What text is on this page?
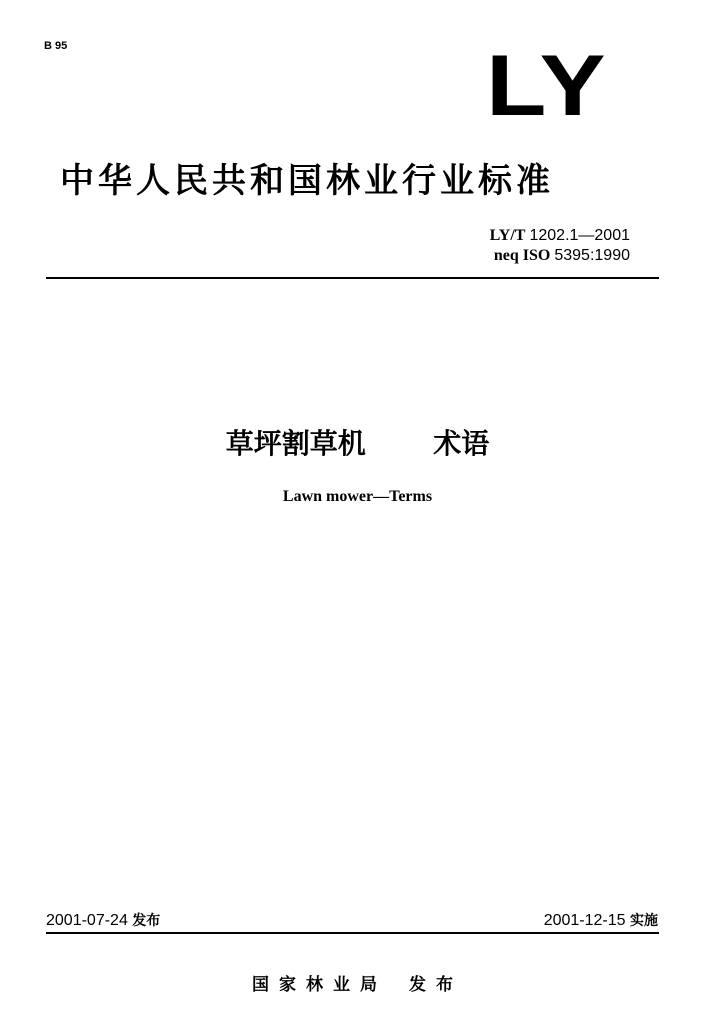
B 95	LY
中华人民共和国林业行业标准
LY/T 1202.1—2001
neq ISO 5395:1990
草坪割草机  术语
Lawn mower—Terms
2001-07-24 发布	2001-12-15 实施
国家林业局 发布
